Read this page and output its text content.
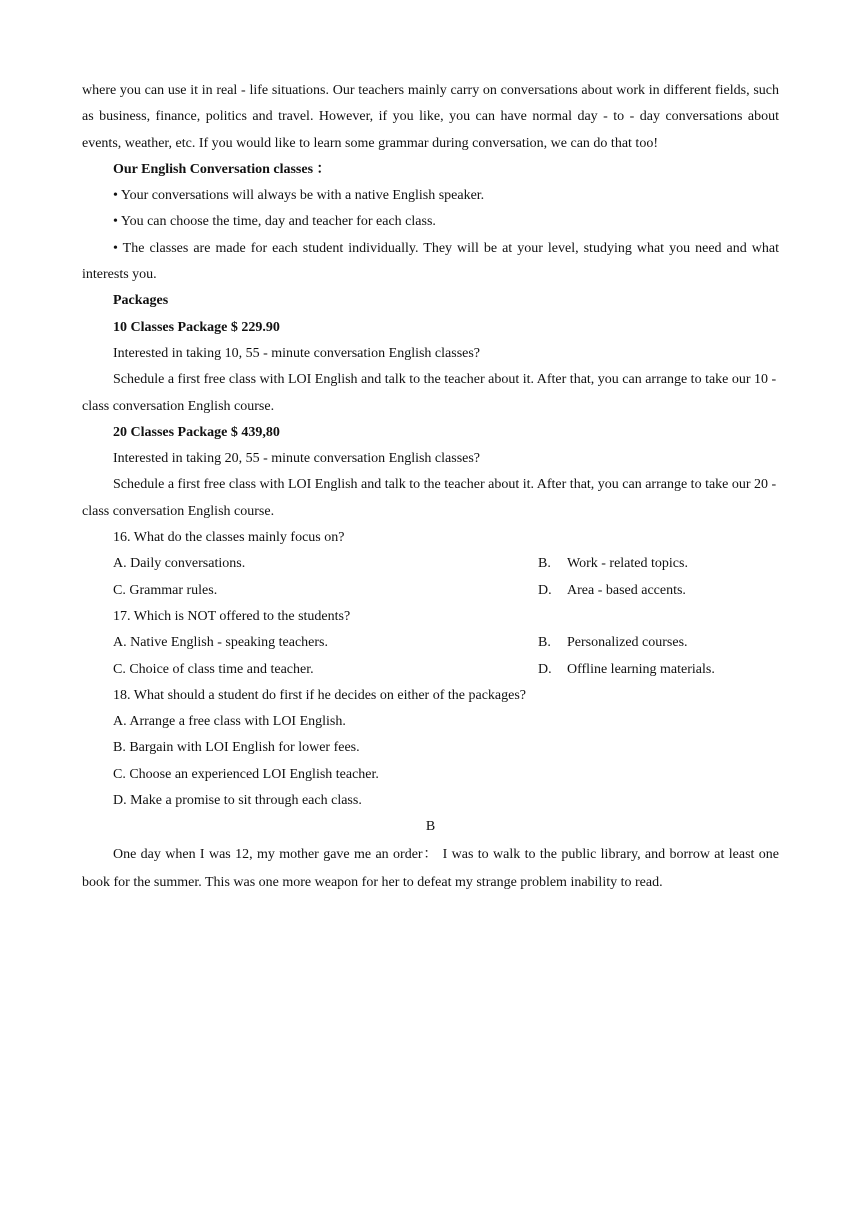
where you can use it in real - life situations. Our teachers mainly carry on conversations about work in different fields, such as business, finance, politics and travel. However, if you like, you can have normal day - to - day conversations about events, weather, etc. If you would like to learn some grammar during conversation, we can do that too!

Our English Conversation classes ：

• Your conversations will always be with a native English speaker.

• You can choose the time, day and teacher for each class.

• The classes are made for each student individually. They will be at your level, studying what you need and what interests you.

Packages

10 Classes Package $ 229.90

Interested in taking 10, 55 - minute conversation English classes?

Schedule a first free class with LOI English and talk to the teacher about it. After that, you can arrange to take our 10 - class conversation English course.

20 Classes Package $ 439,80

Interested in taking 20, 55 - minute conversation English classes?

Schedule a first free class with LOI English and talk to the teacher about it. After that, you can arrange to take our 20 - class conversation English course.

16. What do the classes mainly focus on?

A. Daily conversations.	B. Work - related topics.
C. Grammar rules.	D. Area - based accents.

17. Which is NOT offered to the students?

A. Native English - speaking teachers.	B. Personalized courses.
C. Choice of class time and teacher.	D. Offline learning materials.

18. What should a student do first if he decides on either of the packages?

A. Arrange a free class with LOI English.

B. Bargain with LOI English for lower fees.

C. Choose an experienced LOI English teacher.

D. Make a promise to sit through each class.

B

One day when I was 12, my mother gave me an order： I was to walk to the public library, and borrow at least one book for the summer. This was one more weapon for her to defeat my strange problem inability to read.
